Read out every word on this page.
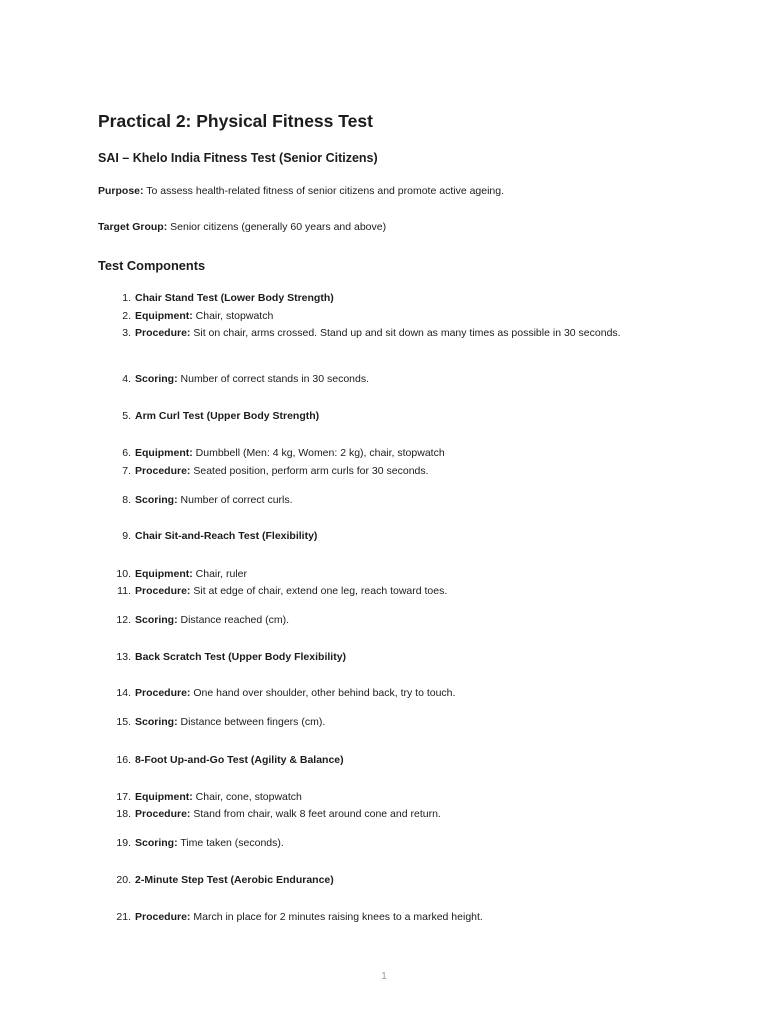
Practical 2: Physical Fitness Test
SAI – Khelo India Fitness Test (Senior Citizens)
Purpose: To assess health-related fitness of senior citizens and promote active ageing.
Target Group: Senior citizens (generally 60 years and above)
Test Components
1. Chair Stand Test (Lower Body Strength)
2. Equipment: Chair, stopwatch
3. Procedure: Sit on chair, arms crossed. Stand up and sit down as many times as possible in 30 seconds.
4. Scoring: Number of correct stands in 30 seconds.
5. Arm Curl Test (Upper Body Strength)
6. Equipment: Dumbbell (Men: 4 kg, Women: 2 kg), chair, stopwatch
7. Procedure: Seated position, perform arm curls for 30 seconds.
8. Scoring: Number of correct curls.
9. Chair Sit-and-Reach Test (Flexibility)
10. Equipment: Chair, ruler
11. Procedure: Sit at edge of chair, extend one leg, reach toward toes.
12. Scoring: Distance reached (cm).
13. Back Scratch Test (Upper Body Flexibility)
14. Procedure: One hand over shoulder, other behind back, try to touch.
15. Scoring: Distance between fingers (cm).
16. 8-Foot Up-and-Go Test (Agility & Balance)
17. Equipment: Chair, cone, stopwatch
18. Procedure: Stand from chair, walk 8 feet around cone and return.
19. Scoring: Time taken (seconds).
20. 2-Minute Step Test (Aerobic Endurance)
21. Procedure: March in place for 2 minutes raising knees to a marked height.
1
